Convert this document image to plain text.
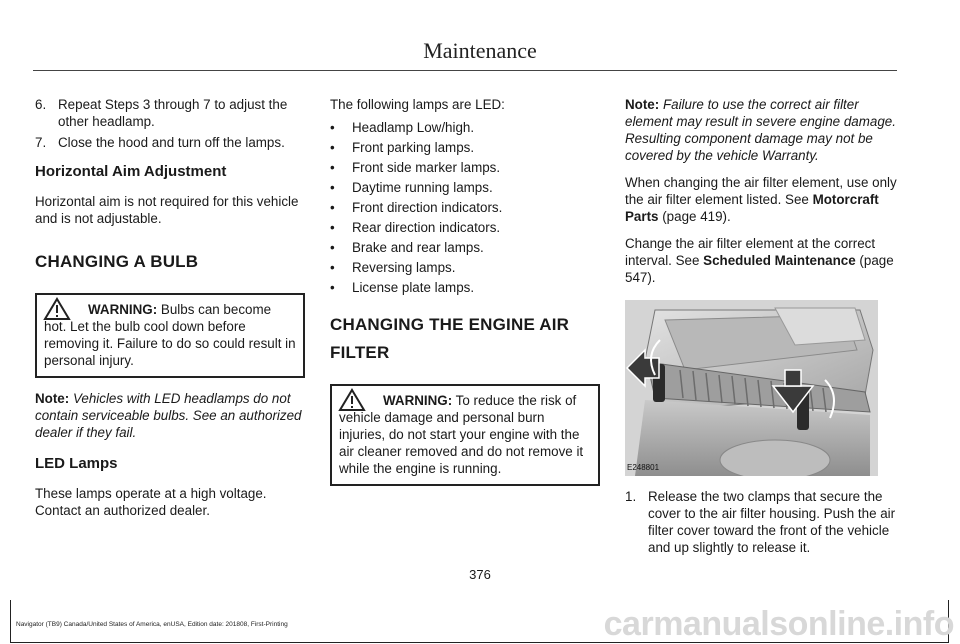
Maintenance
6. Repeat Steps 3 through 7 to adjust the other headlamp.
7. Close the hood and turn off the lamps.
Horizontal Aim Adjustment

Horizontal aim is not required for this vehicle and is not adjustable.

CHANGING A BULB
WARNING: Bulbs can become hot. Let the bulb cool down before removing it. Failure to do so could result in personal injury.

Note: Vehicles with LED headlamps do not contain serviceable bulbs. See an authorized dealer if they fail.

LED Lamps

These lamps operate at a high voltage. Contact an authorized dealer.

The following lamps are LED:

•	Headlamp Low/high.
•	Front parking lamps.
•	Front side marker lamps.
•	Daytime running lamps.
•	Front direction indicators.
•	Rear direction indicators.
•	Brake and rear lamps.
•	Reversing lamps.
•	License plate lamps.
CHANGING THE ENGINE AIR
FILTER
WARNING: To reduce the risk of vehicle damage and personal burn injuries, do not start your engine with the air cleaner removed and do not remove it while the engine is running.

Note: Failure to use the correct air filter element may result in severe engine damage. Resulting component damage may not be covered by the vehicle Warranty.

When changing the air filter element, use only the air filter element listed. See Motorcraft Parts (page 419).

Change the air filter element at the correct interval. See Scheduled Maintenance (page 547).

E248801
1. Release the two clamps that secure the cover to the air filter housing. Push the air filter cover toward the front of the vehicle and up slightly to release it.
376
Navigator (TB9) Canada/United States of America, enUSA, Edition date: 201808, First-Printing	carmanualsonline.info
